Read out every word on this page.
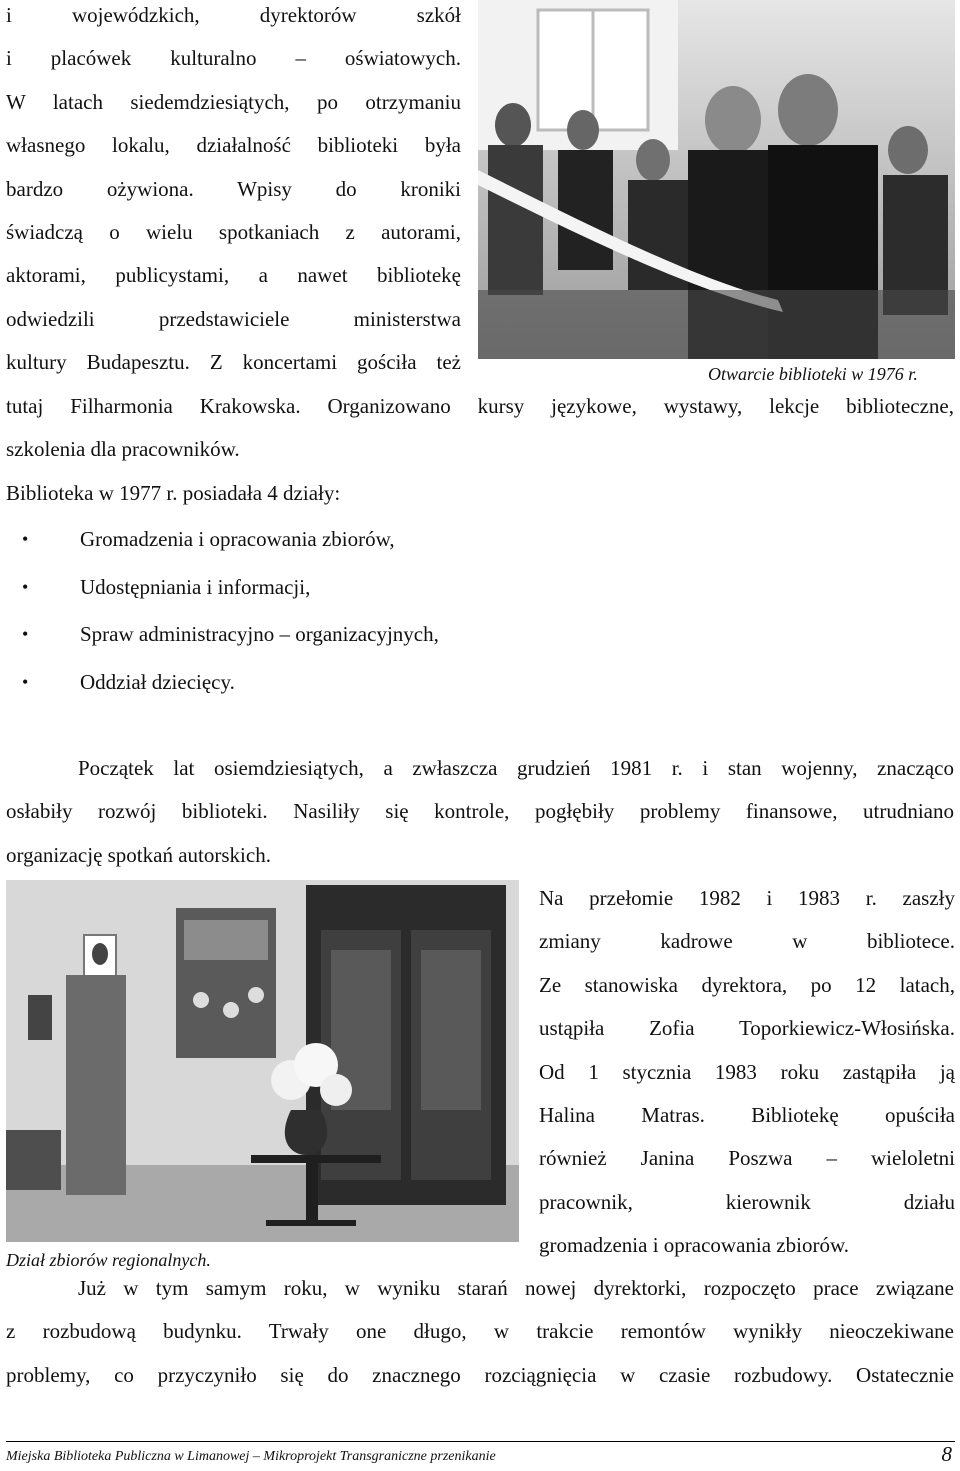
i wojewódzkich, dyrektorów szkół

i placówek kulturalno – oświatowych.

W latach siedemdziesiątych, po otrzymaniu

własnego lokalu, działalność biblioteki była

bardzo ożywiona. Wpisy do kroniki

świadczą o wielu spotkaniach z autorami,

aktorami, publicystami, a nawet bibliotekę

odwiedzili przedstawiciele ministerstwa

kultury Budapesztu. Z koncertami gościła też	Otwarcie biblioteki w 1976 r.

tutaj Filharmonia Krakowska. Organizowano kursy językowe, wystawy, lekcje biblioteczne,

szkolenia dla pracowników.

Biblioteka w 1977 r. posiadała 4 działy:

• Gromadzenia i opracowania zbiorów,
• Udostępniania i informacji,
• Spraw administracyjno – organizacyjnych,
• Oddział dziecięcy.

Początek lat osiemdziesiątych, a zwłaszcza grudzień 1981 r. i stan wojenny, znacząco

osłabiły rozwój biblioteki. Nasiliły się kontrole, pogłębiły problemy finansowe, utrudniano

organizację spotkań autorskich.

Dział zbiorów regionalnych.

Na przełomie 1982 i 1983 r. zaszły

zmiany kadrowe w bibliotece.

Ze stanowiska dyrektora, po 12 latach,

ustąpiła Zofia Toporkiewicz-Włosińska.

Od 1 stycznia 1983 roku zastąpiła ją

Halina Matras. Bibliotekę opuściła

również Janina Poszwa – wieloletni

pracownik, kierownik działu

gromadzenia i opracowania zbiorów.

Już w tym samym roku, w wyniku starań nowej dyrektorki, rozpoczęto prace związane

z rozbudową budynku. Trwały one długo, w trakcie remontów wynikły nieoczekiwane

problemy, co przyczyniło się do znacznego rozciągnięcia w czasie rozbudowy. Ostatecznie

Miejska Biblioteka Publiczna w Limanowej – Mikroprojekt Transgraniczne przenikanie	8
